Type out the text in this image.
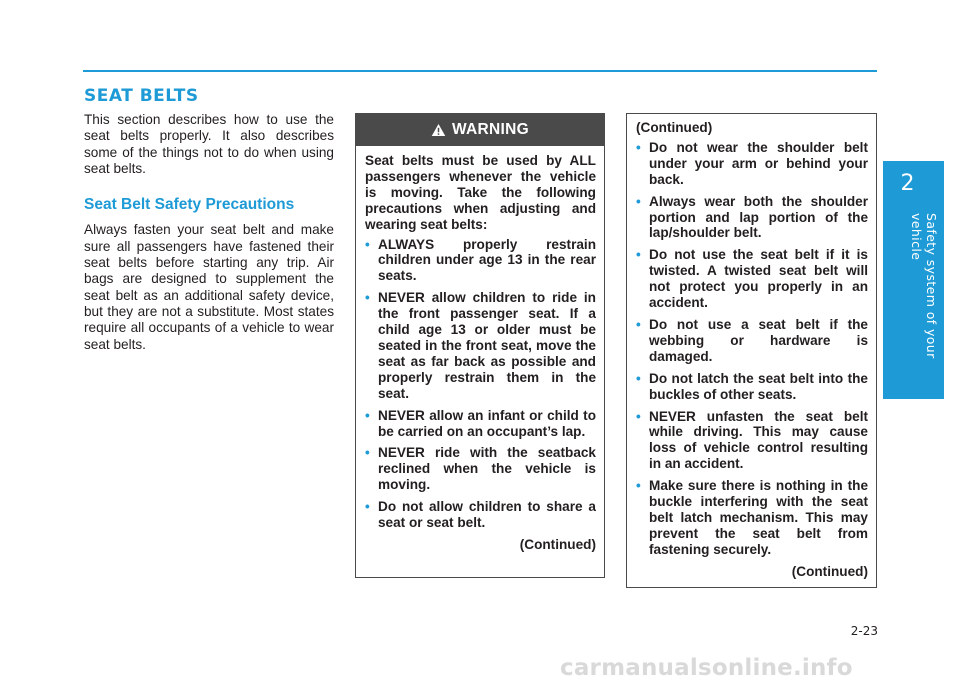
SEAT BELTS

This section describes how to use the seat belts properly. It also describes some of the things not to do when using seat belts.

Seat Belt Safety Precautions

Always fasten your seat belt and make sure all passengers have fastened their seat belts before starting any trip. Air bags are designed to supplement the seat belt as an additional safety device, but they are not a substitute. Most states require all occupants of a vehicle to wear seat belts.

WARNING

Seat belts must be used by ALL passengers whenever the vehicle is moving. Take the following precautions when adjusting and wearing seat belts:

• ALWAYS properly restrain children under age 13 in the rear seats.
• NEVER allow children to ride in the front passenger seat. If a child age 13 or older must be seated in the front seat, move the seat as far back as possible and properly restrain them in the seat.
• NEVER allow an infant or child to be carried on an occupant’s lap.
• NEVER ride with the seatback reclined when the vehicle is moving.
• Do not allow children to share a seat or seat belt.
(Continued)

(Continued)

• Do not wear the shoulder belt under your arm or behind your back.
• Always wear both the shoulder portion and lap portion of the lap/shoulder belt.
• Do not use the seat belt if it is twisted. A twisted seat belt will not protect you properly in an accident.
• Do not use a seat belt if the webbing or hardware is damaged.
• Do not latch the seat belt into the buckles of other seats.
• NEVER unfasten the seat belt while driving. This may cause loss of vehicle control resulting in an accident.
• Make sure there is nothing in the buckle interfering with the seat belt latch mechanism. This may prevent the seat belt from fastening securely.
(Continued)
2
Safety system of your vehicle
2-23
carmanualsonline.info
